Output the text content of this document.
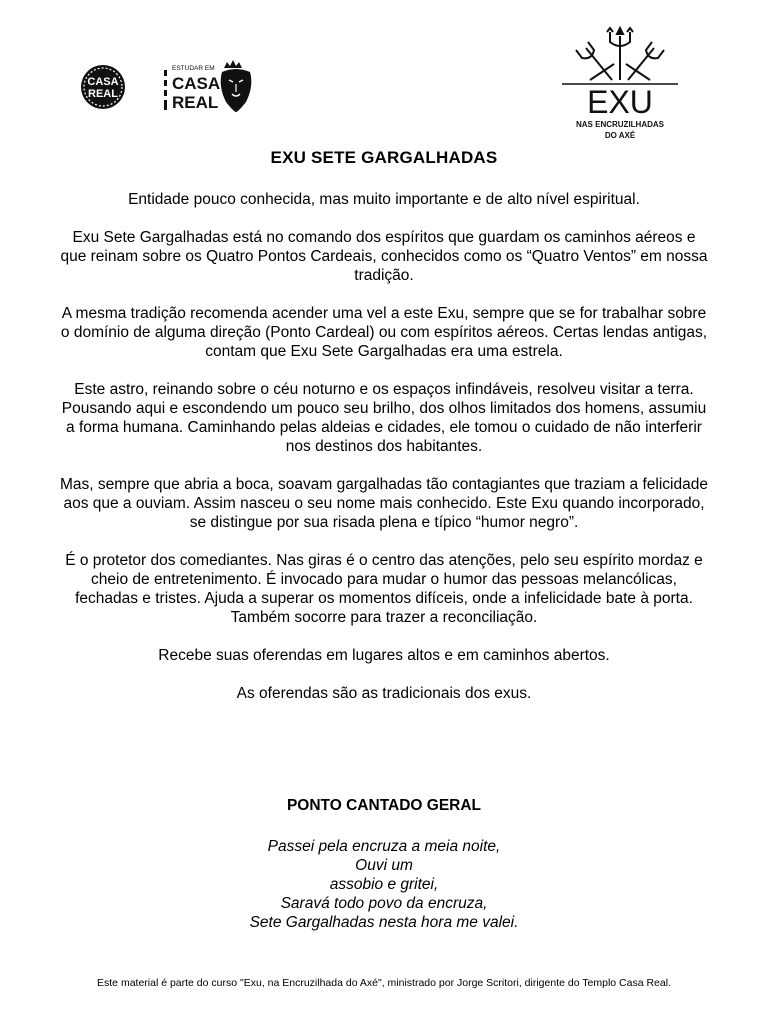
CASA
REAL
ESTUDAR EM
CASA
REAL	EXU
NAS ENCRUZILHADAS
DO AXÉ
EXU SETE GARGALHADAS

Entidade pouco conhecida, mas muito importante e de alto nível espiritual.

Exu Sete Gargalhadas está no comando dos espíritos que guardam os caminhos aéreos e que reinam sobre os Quatro Pontos Cardeais, conhecidos como os “Quatro Ventos” em nossa tradição.

A mesma tradição recomenda acender uma vel a este Exu, sempre que se for trabalhar sobre o domínio de alguma direção (Ponto Cardeal) ou com espíritos aéreos. Certas lendas antigas, contam que Exu Sete Gargalhadas era uma estrela.

Este astro, reinando sobre o céu noturno e os espaços infindáveis, resolveu visitar a terra. Pousando aqui e escondendo um pouco seu brilho, dos olhos limitados dos homens, assumiu a forma humana. Caminhando pelas aldeias e cidades, ele tomou o cuidado de não interferir nos destinos dos habitantes.

Mas, sempre que abria a boca, soavam gargalhadas tão contagiantes que traziam a felicidade aos que a ouviam. Assim nasceu o seu nome mais conhecido. Este Exu quando incorporado, se distingue por sua risada plena e típico “humor negro”.

É o protetor dos comediantes. Nas giras é o centro das atenções, pelo seu espírito mordaz e cheio de entretenimento. É invocado para mudar o humor das pessoas melancólicas, fechadas e tristes. Ajuda a superar os momentos difíceis, onde a infelicidade bate à porta. Também socorre para trazer a reconciliação.

Recebe suas oferendas em lugares altos e em caminhos abertos.

As oferendas são as tradicionais dos exus.

PONTO CANTADO GERAL
Passei pela encruza a meia noite,
Ouvi um
assobio e gritei,
Saravá todo povo da encruza,
Sete Gargalhadas nesta hora me valei.
Este material é parte do curso "Exu, na Encruzilhada do Axé", ministrado por Jorge Scritori, dirigente do Templo Casa Real.
